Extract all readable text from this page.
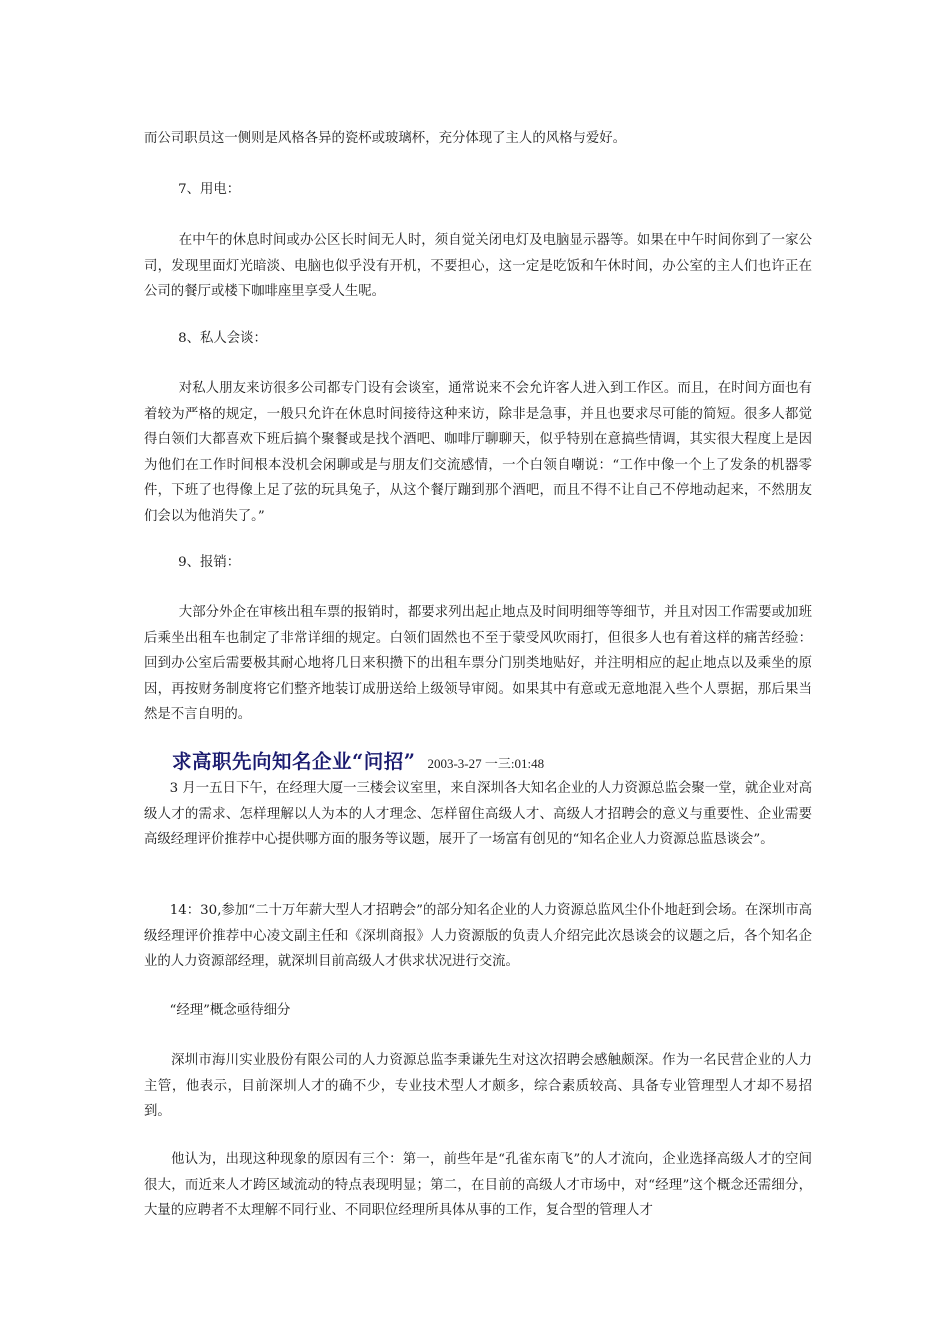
而公司职员这一侧则是风格各异的瓷杯或玻璃杯，充分体现了主人的风格与爱好。

7、用电：

在中午的休息时间或办公区长时间无人时，须自觉关闭电灯及电脑显示器等。如果在中午时间你到了一家公司，发现里面灯光暗淡、电脑也似乎没有开机，不要担心，这一定是吃饭和午休时间，办公室的主人们也许正在公司的餐厅或楼下咖啡座里享受人生呢。

8、私人会谈：

对私人朋友来访很多公司都专门设有会谈室，通常说来不会允许客人进入到工作区。而且，在时间方面也有着较为严格的规定，一般只允许在休息时间接待这种来访，除非是急事，并且也要求尽可能的简短。很多人都觉得白领们大都喜欢下班后搞个聚餐或是找个酒吧、咖啡厅聊聊天，似乎特别在意搞些情调，其实很大程度上是因为他们在工作时间根本没机会闲聊或是与朋友们交流感情，一个白领自嘲说：“工作中像一个上了发条的机器零件，下班了也得像上足了弦的玩具兔子，从这个餐厅蹦到那个酒吧，而且不得不让自己不停地动起来，不然朋友们会以为他消失了。”

9、报销：

大部分外企在审核出租车票的报销时，都要求列出起止地点及时间明细等等细节，并且对因工作需要或加班后乘坐出租车也制定了非常详细的规定。白领们固然也不至于蒙受风吹雨打，但很多人也有着这样的痛苦经验：回到办公室后需要极其耐心地将几日来积攒下的出租车票分门别类地贴好，并注明相应的起止地点以及乘坐的原因，再按财务制度将它们整齐地装订成册送给上级领导审阅。如果其中有意或无意地混入些个人票据，那后果当然是不言自明的。

求高职先向知名企业“问招” 2003-3-27 一三:01:48

3 月一五日下午，在经理大厦一三楼会议室里，来自深圳各大知名企业的人力资源总监会聚一堂，就企业对高级人才的需求、怎样理解以人为本的人才理念、怎样留住高级人才、高级人才招聘会的意义与重要性、企业需要高级经理评价推荐中心提供哪方面的服务等议题，展开了一场富有创见的“知名企业人力资源总监恳谈会”。

14：30,参加“二十万年薪大型人才招聘会”的部分知名企业的人力资源总监风尘仆仆地赶到会场。在深圳市高级经理评价推荐中心凌文副主任和《深圳商报》人力资源版的负责人介绍完此次恳谈会的议题之后，各个知名企业的人力资源部经理，就深圳目前高级人才供求状况进行交流。

“经理”概念亟待细分

深圳市海川实业股份有限公司的人力资源总监李秉谦先生对这次招聘会感触颇深。作为一名民营企业的人力主管，他表示，目前深圳人才的确不少，专业技术型人才颇多，综合素质较高、具备专业管理型人才却不易招到。

他认为，出现这种现象的原因有三个：第一，前些年是“孔雀东南飞”的人才流向，企业选择高级人才的空间很大，而近来人才跨区域流动的特点表现明显；第二，在目前的高级人才市场中，对“经理”这个概念还需细分，大量的应聘者不太理解不同行业、不同职位经理所具体从事的工作，复合型的管理人才
